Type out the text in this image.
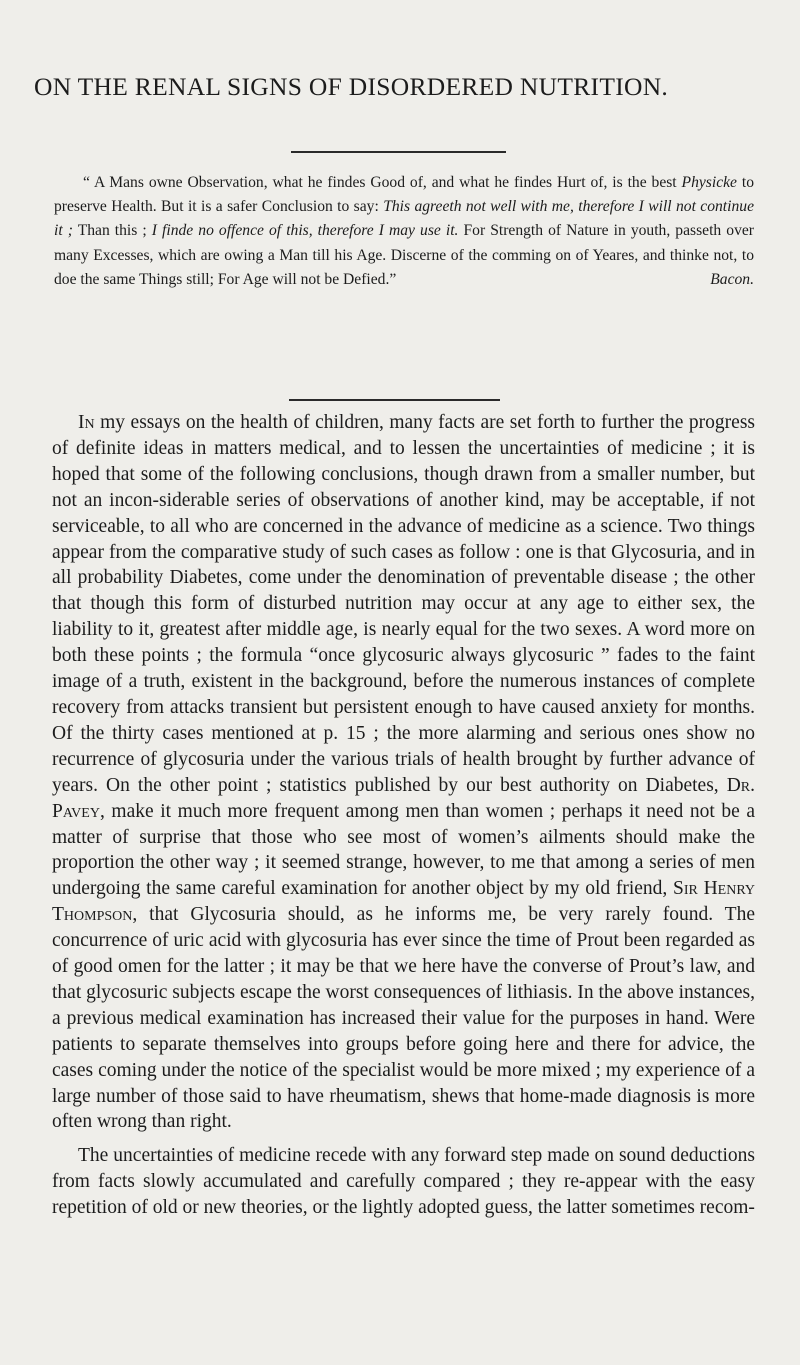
ON THE RENAL SIGNS OF DISORDERED NUTRITION.

“ A Mans owne Observation, what he findes Good of, and what he findes Hurt of, is the best Physicke to preserve Health. But it is a safer Conclusion to say: This agreeth not well with me, therefore I will not continue it ; Than this ; I finde no offence of this, therefore I may use it. For Strength of Nature in youth, passeth over many Excesses, which are owing a Man till his Age. Discerne of the comming on of Yeares, and thinke not, to doe the same Things still; For Age will not be Defied.”	Bacon.

In my essays on the health of children, many facts are set forth to further the progress of definite ideas in matters medical, and to lessen the uncertainties of medicine ; it is hoped that some of the following conclusions, though drawn from a smaller number, but not an incon-siderable series of observations of another kind, may be acceptable, if not serviceable, to all who are concerned in the advance of medicine as a science. Two things appear from the comparative study of such cases as follow : one is that Glycosuria, and in all probability Diabetes, come under the denomination of preventable disease ; the other that though this form of disturbed nutrition may occur at any age to either sex, the liability to it, greatest after middle age, is nearly equal for the two sexes. A word more on both these points ; the formula “once glycosuric always glycosuric ” fades to the faint image of a truth, existent in the background, before the numerous instances of complete recovery from attacks transient but persistent enough to have caused anxiety for months. Of the thirty cases mentioned at p. 15 ; the more alarming and serious ones show no recurrence of glycosuria under the various trials of health brought by further advance of years. On the other point ; statistics published by our best authority on Diabetes, Dr. Pavey, make it much more frequent among men than women ; perhaps it need not be a matter of surprise that those who see most of women’s ailments should make the proportion the other way ; it seemed strange, however, to me that among a series of men undergoing the same careful examination for another object by my old friend, Sir Henry Thompson, that Glycosuria should, as he informs me, be very rarely found. The concurrence of uric acid with glycosuria has ever since the time of Prout been regarded as of good omen for the latter ; it may be that we here have the converse of Prout’s law, and that glycosuric subjects escape the worst consequences of lithiasis. In the above instances, a previous medical examination has increased their value for the purposes in hand. Were patients to separate themselves into groups before going here and there for advice, the cases coming under the notice of the specialist would be more mixed ; my experience of a large number of those said to have rheumatism, shews that home-made diagnosis is more often wrong than right.

The uncertainties of medicine recede with any forward step made on sound deductions from facts slowly accumulated and carefully compared ; they re-appear with the easy repetition of old or new theories, or the lightly adopted guess, the latter sometimes recom-
